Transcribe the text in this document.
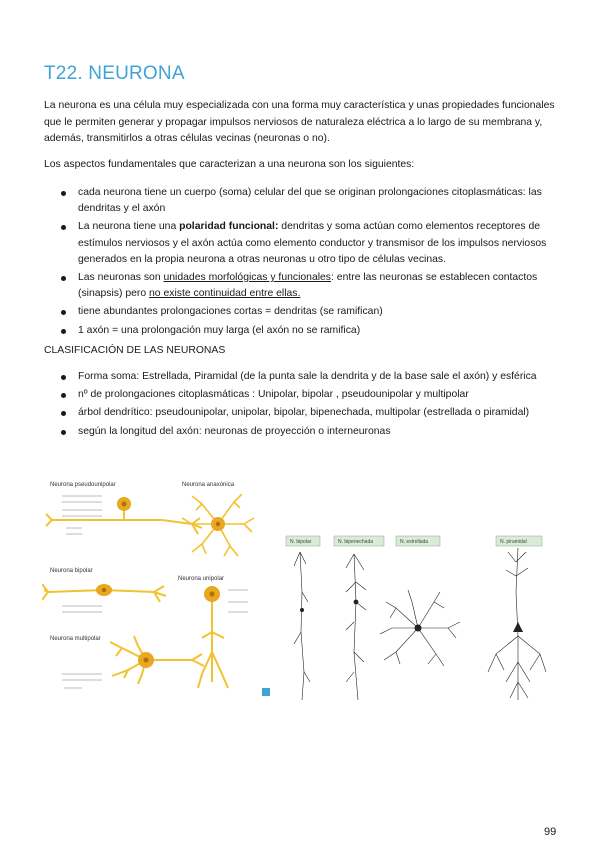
T22. NEURONA

La neurona es una célula muy especializada con una forma muy característica y unas propiedades funcionales que le permiten generar y propagar impulsos nerviosos de naturaleza eléctrica a lo largo de su membrana y, además, transmitirlos a otras células vecinas (neuronas o no).

Los aspectos fundamentales que caracterizan a una neurona son los siguientes:

cada neurona tiene un cuerpo (soma) celular del que se originan prolongaciones citoplasmáticas: las dendritas y el axón
La neurona tiene una polaridad funcional: dendritas y soma actúan como elementos receptores de estímulos nerviosos y el axón actúa como elemento conductor y transmisor de los impulsos nerviosos generados en la propia neurona a otras neuronas u otro tipo de células vecinas.
Las neuronas son unidades morfológicas y funcionales: entre las neuronas se establecen contactos (sinapsis) pero no existe continuidad entre ellas.
tiene abundantes prolongaciones cortas = dendritas (se ramifican)
1 axón = una prolongación muy larga (el axón no se ramifica)

CLASIFICACIÓN DE LAS NEURONAS

Forma soma: Estrellada, Piramidal (de la punta sale la dendrita y de la base sale el axón) y esférica
nº de prolongaciones citoplasmáticas : Unipolar, bipolar , pseudounipolar y multipolar
árbol dendrítico: pseudounipolar, unipolar, bipolar, bipenechada, multipolar (estrellada o piramidal)
según la longitud del axón: neuronas de proyección o interneuronas
Neurona pseudounipolar
Neurona bipolar
Neurona multipolar
Neurona anaxónica
Neurona unipolar
N. bipolar	N. bipenechada	N. estrellada	N. piramidal

99
